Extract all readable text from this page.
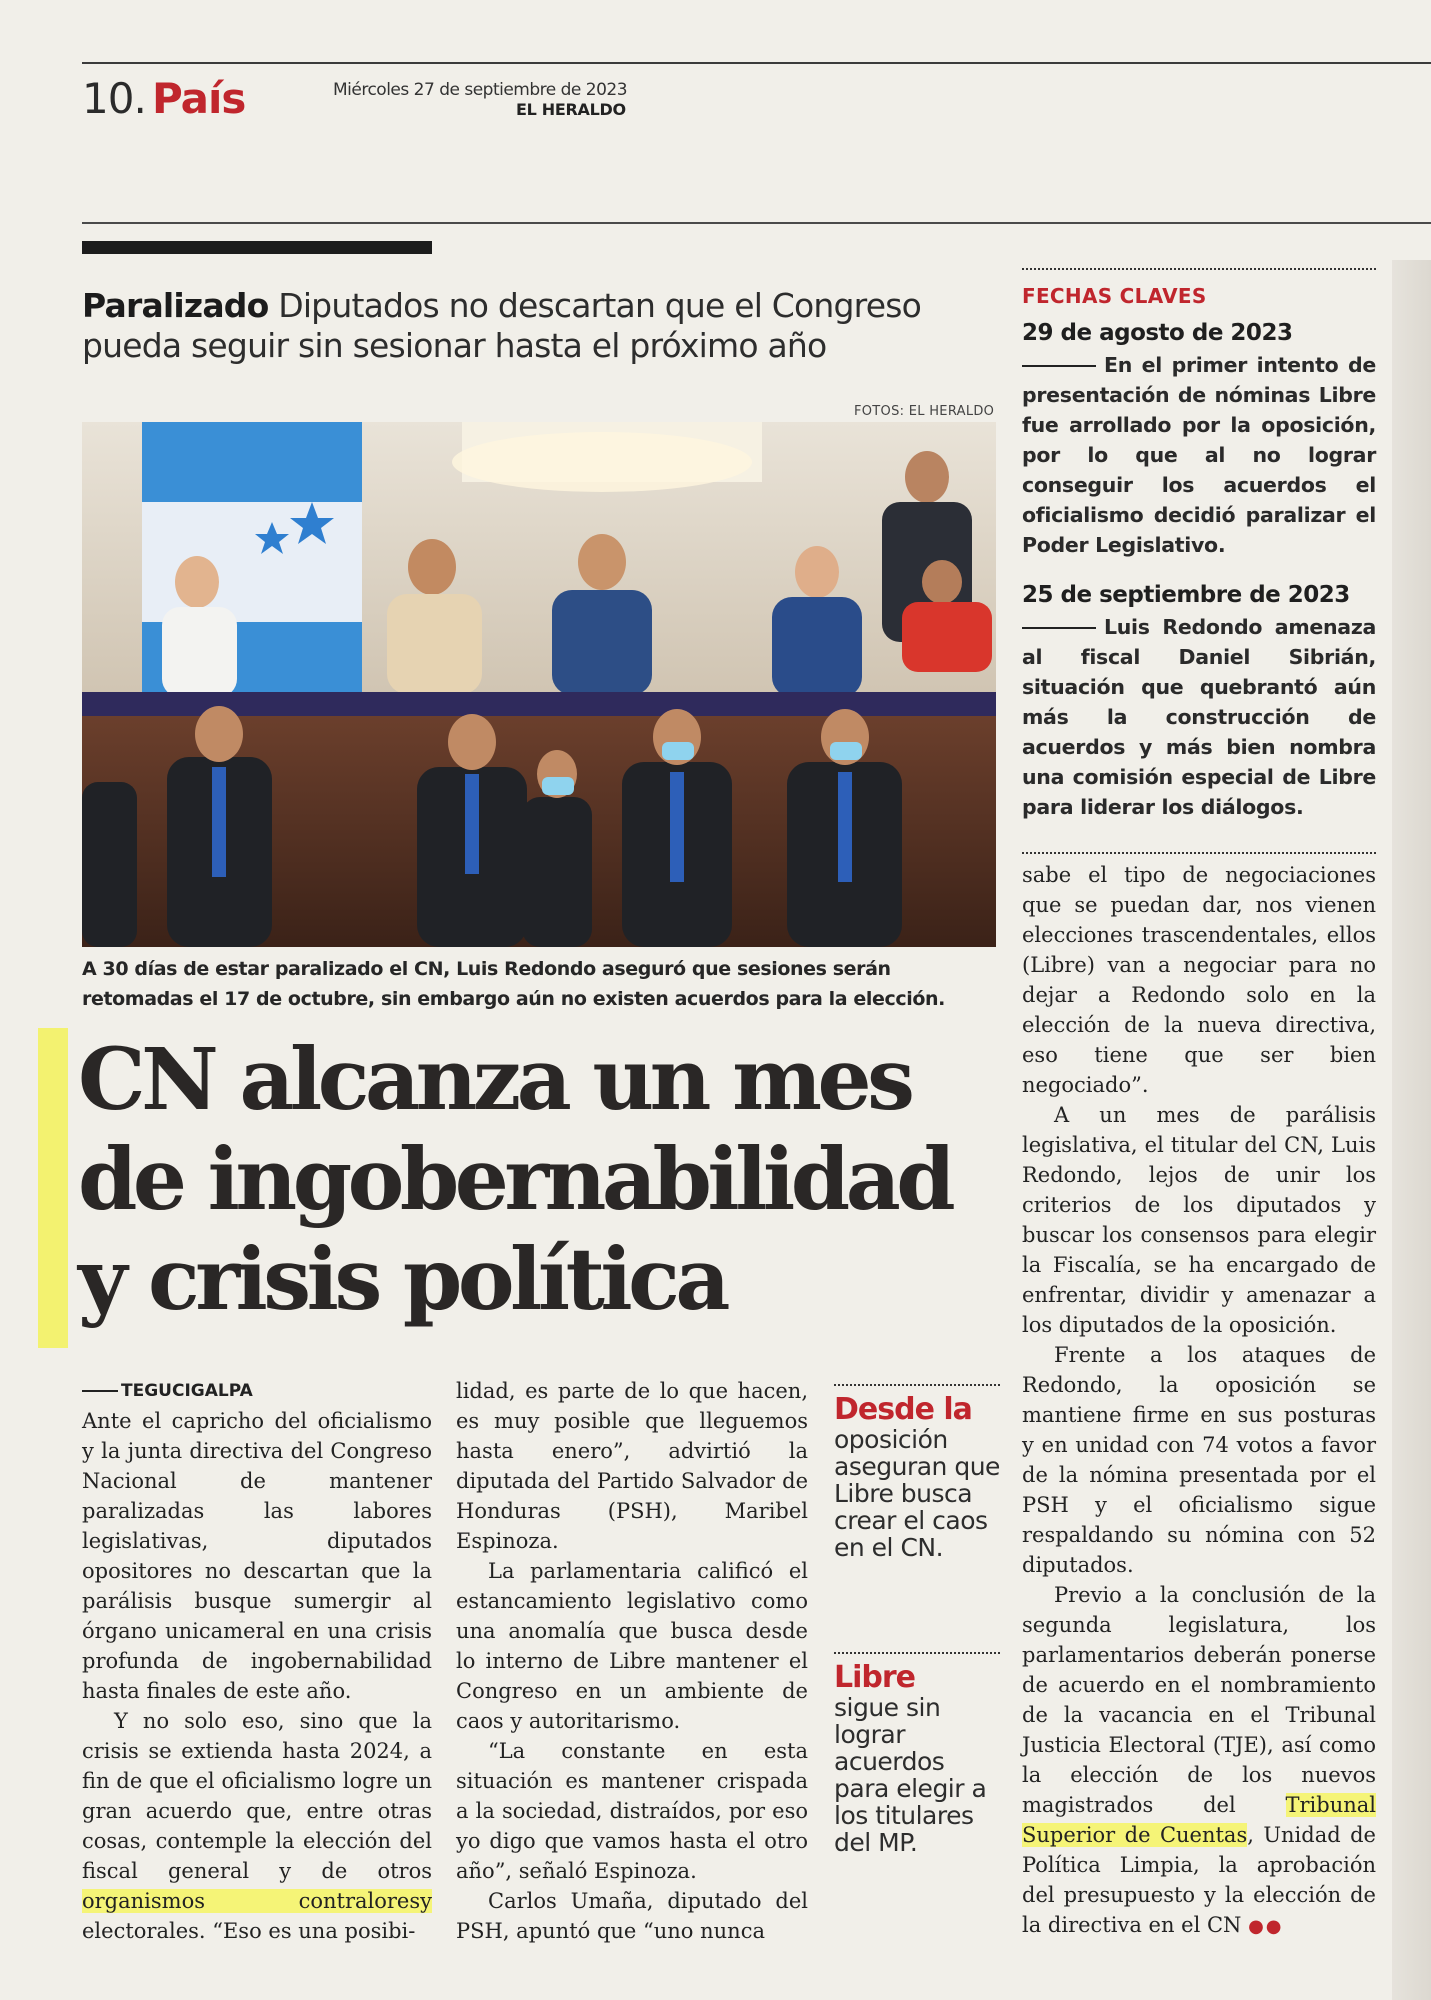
10. País	Miércoles 27 de septiembre de 2023
EL HERALDO
Paralizado Diputados no descartan que el Congreso pueda seguir sin sesionar hasta el próximo año
FOTOS: EL HERALDO
A 30 días de estar paralizado el CN, Luis Redondo aseguró que sesiones serán retomadas el 17 de octubre, sin embargo aún no existen acuerdos para la elección.
CN alcanza un mes
de ingobernabilidad
y crisis política
TEGUCIGALPA

Ante el capricho del oficialismo y la junta directiva del Congreso Nacional de mantener paralizadas las labores legislativas, diputados opositores no descartan que la parálisis busque sumergir al órgano unicameral en una crisis profunda de ingobernabilidad hasta finales de este año.

Y no solo eso, sino que la crisis se extienda hasta 2024, a fin de que el oficialismo logre un gran acuerdo que, entre otras cosas, contemple la elección del fiscal general y de otros organismos contraloresy electorales. “Eso es una posibi-

lidad, es parte de lo que hacen, es muy posible que lleguemos hasta enero”, advirtió la diputada del Partido Salvador de Honduras (PSH), Maribel Espinoza.

La parlamentaria calificó el estancamiento legislativo como una anomalía que busca desde lo interno de Libre mantener el Congreso en un ambiente de caos y autoritarismo.

“La constante en esta situación es mantener crispada a la sociedad, distraídos, por eso yo digo que vamos hasta el otro año”, señaló Espinoza.

Carlos Umaña, diputado del PSH, apuntó que “uno nunca

Desde la
oposición aseguran que Libre busca crear el caos en el CN.
Libre
sigue sin lograr acuerdos para elegir a los titulares del MP.
FECHAS CLAVES
29 de agosto de 2023
En el primer intento de presentación de nóminas Libre fue arrollado por la oposición, por lo que al no lograr conseguir los acuerdos el oficialismo decidió paralizar el Poder Legislativo.
25 de septiembre de 2023
Luis Redondo amenaza al fiscal Daniel Sibrián, situación que quebrantó aún más la construcción de acuerdos y más bien nombra una comisión especial de Libre para liderar los diálogos.

sabe el tipo de negociaciones que se puedan dar, nos vienen elecciones trascendentales, ellos (Libre) van a negociar para no dejar a Redondo solo en la elección de la nueva directiva, eso tiene que ser bien negociado”.

A un mes de parálisis legislativa, el titular del CN, Luis Redondo, lejos de unir los criterios de los diputados y buscar los consensos para elegir la Fiscalía, se ha encargado de enfrentar, dividir y amenazar a los diputados de la oposición.

Frente a los ataques de Redondo, la oposición se mantiene firme en sus posturas y en unidad con 74 votos a favor de la nómina presentada por el PSH y el oficialismo sigue respaldando su nómina con 52 diputados.

Previo a la conclusión de la segunda legislatura, los parlamentarios deberán ponerse de acuerdo en el nombramiento de la vacancia en el Tribunal Justicia Electoral (TJE), así como la elección de los nuevos magistrados del Tribunal Superior de Cuentas, Unidad de Política Limpia, la aprobación del presupuesto y la elección de la directiva en el CN ●●
